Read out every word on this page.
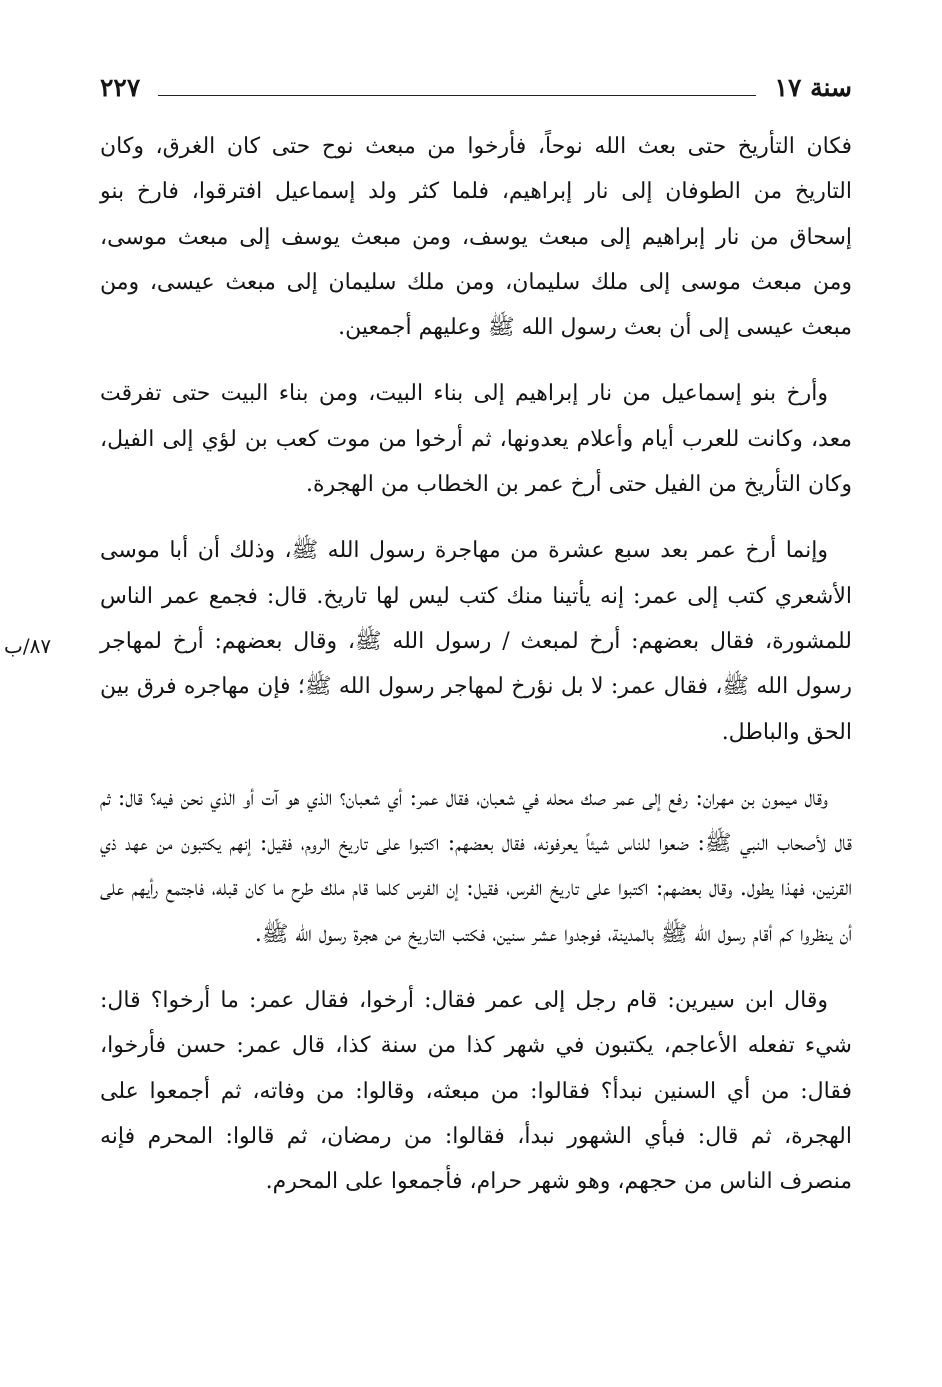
سنة ١٧
٢٢٧
٨٧/ب

فكان التأريخ حتى بعث الله نوحاً، فأرخوا من مبعث نوح حتى كان الغرق، وكان التاريخ من الطوفان إلى نار إبراهيم، فلما كثر ولد إسماعيل افترقوا، فارخ بنو إسحاق من نار إبراهيم إلى مبعث يوسف، ومن مبعث يوسف إلى مبعث موسى، ومن مبعث موسى إلى ملك سليمان، ومن ملك سليمان إلى مبعث عيسى، ومن مبعث عيسى إلى أن بعث رسول الله ﷺ وعليهم أجمعين.

وأرخ بنو إسماعيل من نار إبراهيم إلى بناء البيت، ومن بناء البيت حتى تفرقت معد، وكانت للعرب أيام وأعلام يعدونها، ثم أرخوا من موت كعب بن لؤي إلى الفيل، وكان التأريخ من الفيل حتى أرخ عمر بن الخطاب من الهجرة.

وإنما أرخ عمر بعد سبع عشرة من مهاجرة رسول الله ﷺ، وذلك أن أبا موسى الأشعري كتب إلى عمر: إنه يأتينا منك كتب ليس لها تاريخ. قال: فجمع عمر الناس للمشورة، فقال بعضهم: أرخ لمبعث / رسول الله ﷺ، وقال بعضهم: أرخ لمهاجر رسول الله ﷺ، فقال عمر: لا بل نؤرخ لمهاجر رسول الله ﷺ؛ فإن مهاجره فرق بين الحق والباطل.

وقال ميمون بن مهران: رفع إلى عمر صك محله في شعبان، فقال عمر: أي شعبان؟ الذي هو آت أو الذي نحن فيه؟ قال: ثم قال لأصحاب النبي ﷺ: ضعوا للناس شيئاً يعرفونه، فقال بعضهم: اكتبوا على تاريخ الروم، فقيل: إنهم يكتبون من عهد ذي القرنين، فهذا يطول. وقال بعضهم: اكتبوا على تاريخ الفرس، فقيل: إن الفرس كلما قام ملك طرح ما كان قبله، فاجتمع رأيهم على أن ينظروا كم أقام رسول الله ﷺ بالمدينة، فوجدوا عشر سنين، فكتب التاريخ من هجرة رسول الله ﷺ.

وقال ابن سيرين: قام رجل إلى عمر فقال: أرخوا، فقال عمر: ما أرخوا؟ قال: شيء تفعله الأعاجم، يكتبون في شهر كذا من سنة كذا، قال عمر: حسن فأرخوا، فقال: من أي السنين نبدأ؟ فقالوا: من مبعثه، وقالوا: من وفاته، ثم أجمعوا على الهجرة، ثم قال: فبأي الشهور نبدأ، فقالوا: من رمضان، ثم قالوا: المحرم فإنه منصرف الناس من حجهم، وهو شهر حرام، فأجمعوا على المحرم.
